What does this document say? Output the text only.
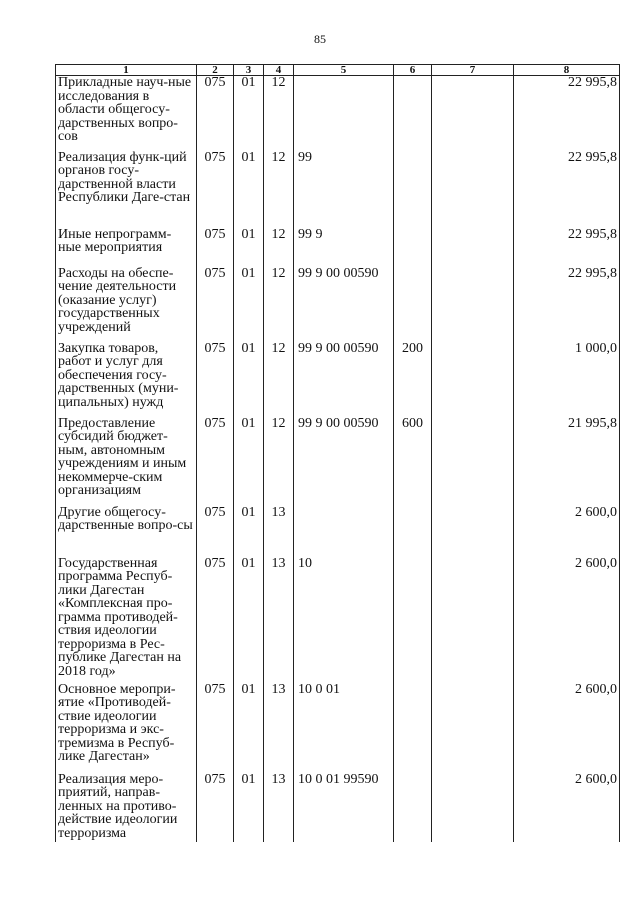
85
1	2	3	4	5	6	7	8
Прикладные науч-ные исследования в области общегосу-дарственных вопро-сов	075	01	12				22 995,8
Реализация функ-ций органов госу-дарственной власти Республики Даге-стан	075	01	12	99			22 995,8
Иные непрограмм-ные мероприятия	075	01	12	99 9			22 995,8
Расходы на обеспе-чение деятельности (оказание услуг) государственных учреждений	075	01	12	99 9 00 00590			22 995,8
Закупка товаров, работ и услуг для обеспечения госу-дарственных (муни-ципальных) нужд	075	01	12	99 9 00 00590	200		1 000,0
Предоставление субсидий бюджет-ным, автономным учреждениям и иным некоммерче-ским организациям	075	01	12	99 9 00 00590	600		21 995,8
Другие общегосу-дарственные вопро-сы	075	01	13				2 600,0
Государственная программа Респуб-лики Дагестан «Комплексная про-грамма противодей-ствия идеологии терроризма в Рес-публике Дагестан на 2018 год»	075	01	13	10			2 600,0
Основное меропри-ятие «Противодей-ствие идеологии терроризма и экс-тремизма в Респуб-лике Дагестан»	075	01	13	10 0 01			2 600,0
Реализация меро-приятий, направ-ленных на противо-действие идеологии терроризма	075	01	13	10 0 01 99590			2 600,0
